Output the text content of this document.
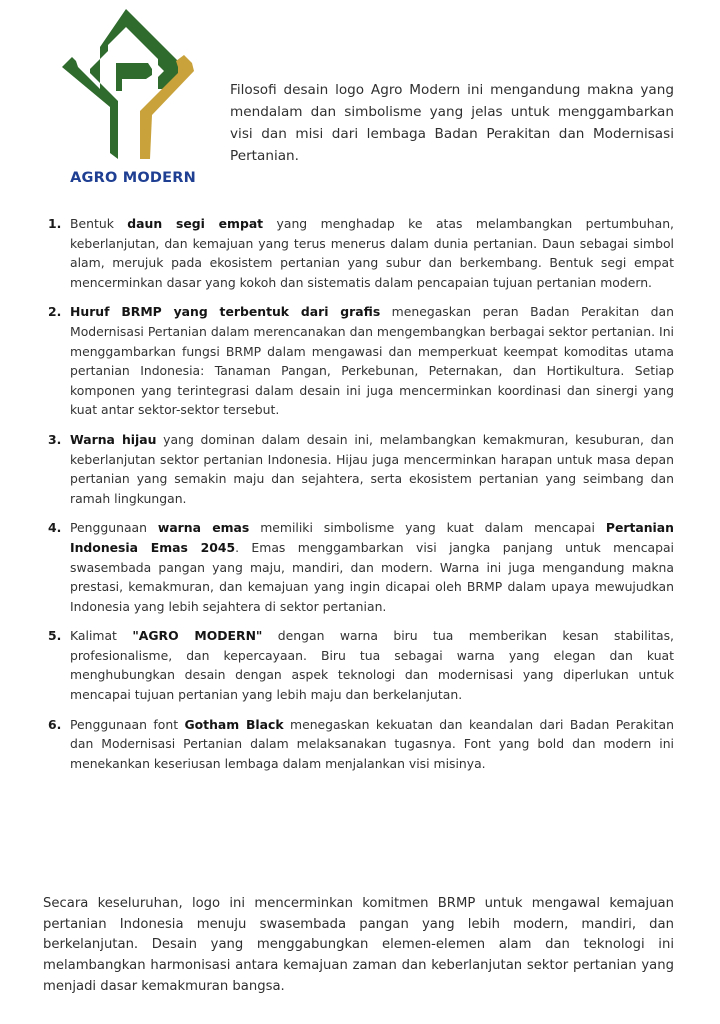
AGRO MODERN

Filosofi desain logo Agro Modern ini mengandung makna yang mendalam dan simbolisme yang jelas untuk menggambarkan visi dan misi dari lembaga Badan Perakitan dan Modernisasi Pertanian.

1. Bentuk daun segi empat yang menghadap ke atas melambangkan pertumbuhan, keberlanjutan, dan kemajuan yang terus menerus dalam dunia pertanian. Daun sebagai simbol alam, merujuk pada ekosistem pertanian yang subur dan berkembang. Bentuk segi empat mencerminkan dasar yang kokoh dan sistematis dalam pencapaian tujuan pertanian modern.
2. Huruf BRMP yang terbentuk dari grafis menegaskan peran Badan Perakitan dan Modernisasi Pertanian dalam merencanakan dan mengembangkan berbagai sektor pertanian. Ini menggambarkan fungsi BRMP dalam mengawasi dan memperkuat keempat komoditas utama pertanian Indonesia: Tanaman Pangan, Perkebunan, Peternakan, dan Hortikultura. Setiap komponen yang terintegrasi dalam desain ini juga mencerminkan koordinasi dan sinergi yang kuat antar sektor-sektor tersebut.
3. Warna hijau yang dominan dalam desain ini, melambangkan kemakmuran, kesuburan, dan keberlanjutan sektor pertanian Indonesia. Hijau juga mencerminkan harapan untuk masa depan pertanian yang semakin maju dan sejahtera, serta ekosistem pertanian yang seimbang dan ramah lingkungan.
4. Penggunaan warna emas memiliki simbolisme yang kuat dalam mencapai Pertanian Indonesia Emas 2045. Emas menggambarkan visi jangka panjang untuk mencapai swasembada pangan yang maju, mandiri, dan modern. Warna ini juga mengandung makna prestasi, kemakmuran, dan kemajuan yang ingin dicapai oleh BRMP dalam upaya mewujudkan Indonesia yang lebih sejahtera di sektor pertanian.
5. Kalimat "AGRO MODERN" dengan warna biru tua memberikan kesan stabilitas, profesionalisme, dan kepercayaan. Biru tua sebagai warna yang elegan dan kuat menghubungkan desain dengan aspek teknologi dan modernisasi yang diperlukan untuk mencapai tujuan pertanian yang lebih maju dan berkelanjutan.
6. Penggunaan font Gotham Black menegaskan kekuatan dan keandalan dari Badan Perakitan dan Modernisasi Pertanian dalam melaksanakan tugasnya. Font yang bold dan modern ini menekankan keseriusan lembaga dalam menjalankan visi misinya.

Secara keseluruhan, logo ini mencerminkan komitmen BRMP untuk mengawal kemajuan pertanian Indonesia menuju swasembada pangan yang lebih modern, mandiri, dan berkelanjutan. Desain yang menggabungkan elemen-elemen alam dan teknologi ini melambangkan harmonisasi antara kemajuan zaman dan keberlanjutan sektor pertanian yang menjadi dasar kemakmuran bangsa.
